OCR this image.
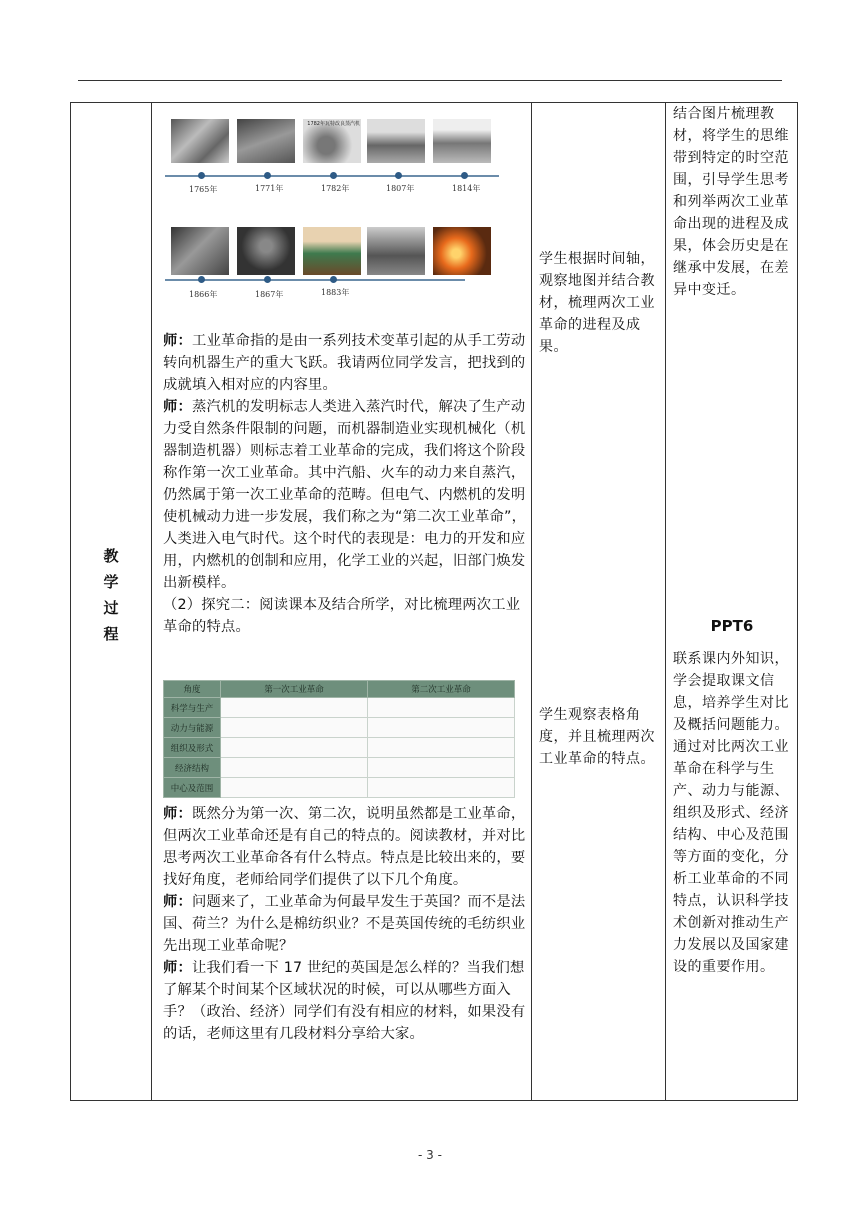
教
学
过
程
1782年瓦特改良蒸汽机
1765年	1771年	1782年	1807年	1814年
1866年	1867年	1883年

师：工业革命指的是由一系列技术变革引起的从手工劳动转向机器生产的重大飞跃。我请两位同学发言，把找到的成就填入相对应的内容里。

师：蒸汽机的发明标志人类进入蒸汽时代，解决了生产动力受自然条件限制的问题，而机器制造业实现机械化（机器制造机器）则标志着工业革命的完成，我们将这个阶段称作第一次工业革命。其中汽船、火车的动力来自蒸汽，仍然属于第一次工业革命的范畴。但电气、内燃机的发明使机械动力进一步发展，我们称之为“第二次工业革命”，人类进入电气时代。这个时代的表现是：电力的开发和应用，内燃机的创制和应用，化学工业的兴起，旧部门焕发出新模样。

（2）探究二：阅读课本及结合所学，对比梳理两次工业革命的特点。

角度	第一次工业革命	第二次工业革命
科学与生产		
动力与能源		
组织及形式		
经济结构		
中心及范围		

师：既然分为第一次、第二次，说明虽然都是工业革命，但两次工业革命还是有自己的特点的。阅读教材，并对比思考两次工业革命各有什么特点。特点是比较出来的，要找好角度，老师给同学们提供了以下几个角度。

师：问题来了，工业革命为何最早发生于英国？而不是法国、荷兰？为什么是棉纺织业？不是英国传统的毛纺织业先出现工业革命呢？

师：让我们看一下 17 世纪的英国是怎么样的？当我们想了解某个时间某个区域状况的时候，可以从哪些方面入手？（政治、经济）同学们有没有相应的材料，如果没有的话，老师这里有几段材料分享给大家。

学生根据时间轴，观察地图并结合教材，梳理两次工业革命的进程及成果。
学生观察表格角度，并且梳理两次工业革命的特点。
结合图片梳理教材，将学生的思维带到特定的时空范围，引导学生思考和列举两次工业革命出现的进程及成果，体会历史是在继承中发展，在差异中变迁。
PPT6
联系课内外知识，学会提取课文信息，培养学生对比及概括问题能力。通过对比两次工业革命在科学与生产、动力与能源、组织及形式、经济结构、中心及范围等方面的变化，分析工业革命的不同特点，认识科学技术创新对推动生产力发展以及国家建设的重要作用。
- 3 -
